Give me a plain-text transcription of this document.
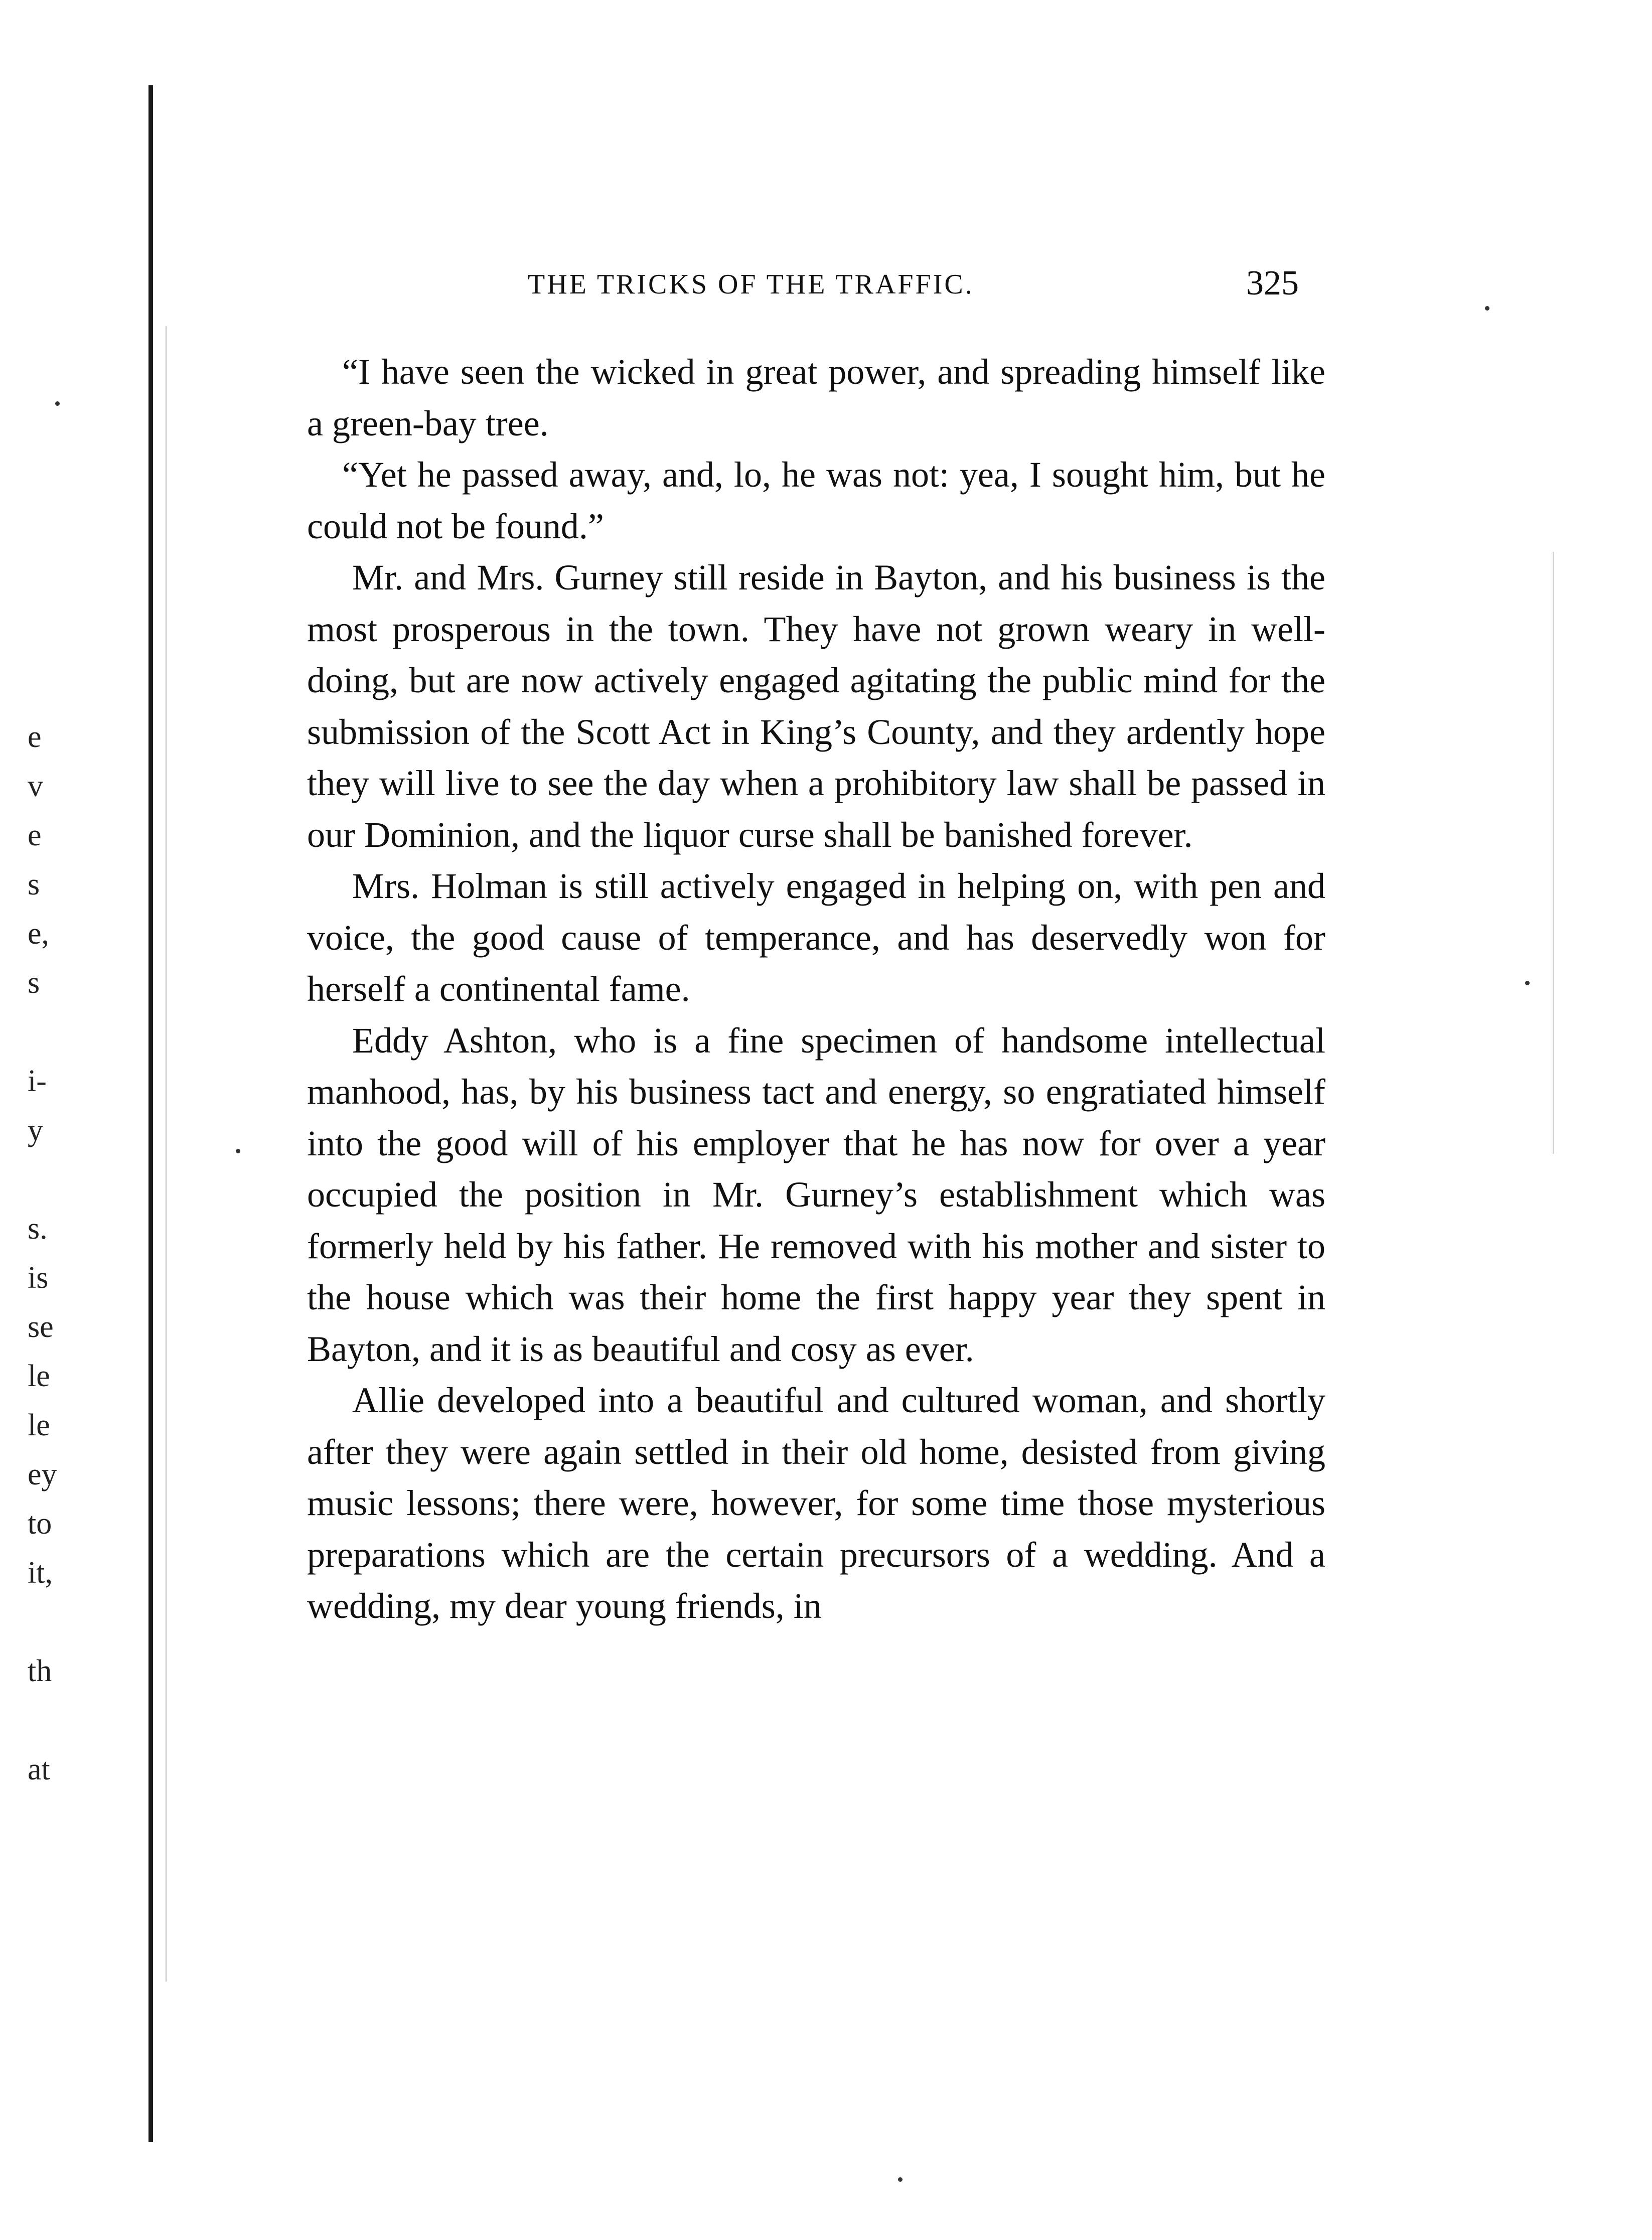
e
v
e
s
e,
s
i-
y
s.
is
se
le
le
ey
to
it,
th
at
THE TRICKS OF THE TRAFFIC.	325

“I have seen the wicked in great power, and spreading himself like a green-bay tree.

“Yet he passed away, and, lo, he was not: yea, I sought him, but he could not be found.”

Mr. and Mrs. Gurney still reside in Bayton, and his business is the most prosperous in the town. They have not grown weary in well-doing, but are now actively engaged agitating the public mind for the submission of the Scott Act in King’s County, and they ardently hope they will live to see the day when a prohibitory law shall be passed in our Dominion, and the liquor curse shall be banished forever.

Mrs. Holman is still actively engaged in helping on, with pen and voice, the good cause of temperance, and has deservedly won for herself a continental fame.

Eddy Ashton, who is a fine specimen of handsome intellectual manhood, has, by his business tact and energy, so engratiated himself into the good will of his employer that he has now for over a year occupied the position in Mr. Gurney’s establishment which was formerly held by his father. He removed with his mother and sister to the house which was their home the first happy year they spent in Bayton, and it is as beautiful and cosy as ever.

Allie developed into a beautiful and cultured woman, and shortly after they were again settled in their old home, desisted from giving music lessons; there were, however, for some time those mysterious preparations which are the certain precursors of a wedding. And a wedding, my dear young friends, in
